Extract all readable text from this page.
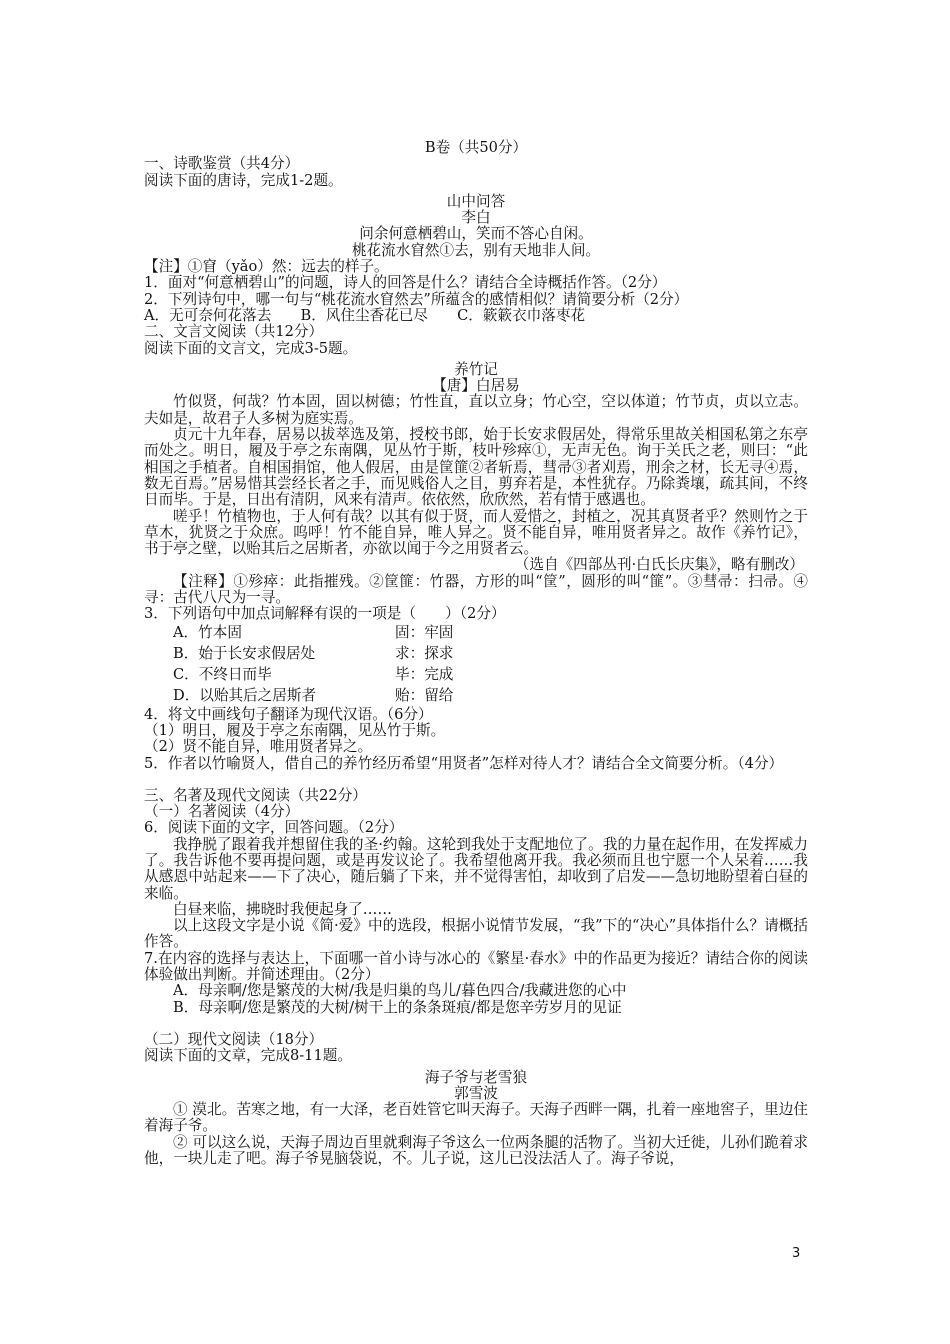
B卷（共50分）

一、诗歌鉴赏（共4分）

阅读下面的唐诗，完成1-2题。

山中问答

李白

问余何意栖碧山，笑而不答心自闲。

桃花流水窅然①去，别有天地非人间。

【注】①窅（yǎo）然：远去的样子。

1．面对“何意栖碧山”的问题，诗人的回答是什么？请结合全诗概括作答。（2分）

2．下列诗句中，哪一句与“桃花流水窅然去”所蕴含的感情相似？请简要分析（2分）

A．无可奈何花落去　　B．风住尘香花已尽　　C．簌簌衣巾落枣花

二、文言文阅读（共12分）

阅读下面的文言文，完成3-5题。

养竹记

【唐】白居易

竹似贤，何哉？竹本固，固以树德；竹性直，直以立身；竹心空，空以体道；竹节贞，贞以立志。夫如是，故君子人多树为庭实焉。

贞元十九年春，居易以拔萃选及第，授校书郎，始于长安求假居处，得常乐里故关相国私第之东亭而处之。明日，履及于亭之东南隅，见丛竹于斯，枝叶殄瘁①，无声无色。询于关氏之老，则曰：“此相国之手植者。自相国捐馆，他人假居，由是筐篚②者斩焉，彗帚③者刈焉，刑余之材，长无寻④焉，数无百焉。”居易惜其尝经长者之手，而见贱俗人之目，剪弃若是，本性犹存。乃除粪壤，疏其间，不终日而毕。于是，日出有清阴，风来有清声。依依然，欣欣然，若有情于感遇也。

嗟乎！竹植物也，于人何有哉？以其有似于贤，而人爱惜之，封植之，况其真贤者乎？然则竹之于草木，犹贤之于众庶。呜呼！竹不能自异，唯人异之。贤不能自异，唯用贤者异之。故作《养竹记》，书于亭之壁，以贻其后之居斯者，亦欲以闻于今之用贤者云。

（选自《四部丛刊·白氏长庆集》，略有删改）

【注释】①殄瘁：此指摧残。②筐篚：竹器，方形的叫“筐”，圆形的叫“篚”。③彗帚：扫帚。④寻：古代八尺为一寻。

3．下列语句中加点词解释有误的一项是（　　）（2分）

A．竹本固	固：牢固
B．始于长安求假居处	求：探求
C．不终日而毕	毕：完成
D．以贻其后之居斯者	贻：留给

4．将文中画线句子翻译为现代汉语。（6分）

（1）明日，履及于亭之东南隅，见丛竹于斯。

（2）贤不能自异，唯用贤者异之。

5．作者以竹喻贤人，借自己的养竹经历希望“用贤者”怎样对待人才？请结合全文简要分析。（4分）

三、名著及现代文阅读（共22分）

（一）名著阅读（4分）

6．阅读下面的文字，回答问题。（2分）

我挣脱了跟着我并想留住我的圣·约翰。这轮到我处于支配地位了。我的力量在起作用，在发挥威力了。我告诉他不要再提问题，或是再发议论了。我希望他离开我。我必须而且也宁愿一个人呆着……我从感恩中站起来——下了决心，随后躺了下来，并不觉得害怕，却收到了启发——急切地盼望着白昼的来临。

白昼来临，拂晓时我便起身了……

以上这段文字是小说《简·爱》中的选段，根据小说情节发展，“我”下的“决心”具体指什么？请概括作答。

7.在内容的选择与表达上，下面哪一首小诗与冰心的《繁星·春水》中的作品更为接近？请结合你的阅读体验做出判断。并简述理由。（2分）

A．母亲啊/您是繁茂的大树/我是归巢的鸟儿/暮色四合/我藏进您的心中

B．母亲啊/您是繁茂的大树/树干上的条条斑痕/都是您辛劳岁月的见证

（二）现代文阅读（18分）

阅读下面的文章，完成8-11题。

海子爷与老雪狼

郭雪波

① 漠北。苦寒之地，有一大泽，老百姓管它叫天海子。天海子西畔一隅，扎着一座地窖子，里边住着海子爷。

② 可以这么说，天海子周边百里就剩海子爷这么一位两条腿的活物了。当初大迁徙，儿孙们跪着求他，一块儿走了吧。海子爷晃脑袋说，不。儿子说，这儿已没法活人了。海子爷说，

3
